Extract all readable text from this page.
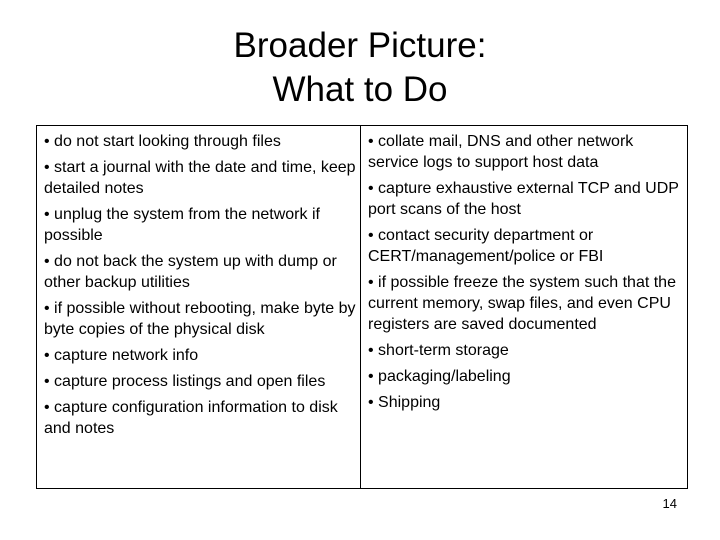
Broader Picture:
What to Do
• do not start looking through files
• start a journal with the date and time, keep detailed notes
• unplug the system from the network if possible
• do not back the system up with dump or other backup utilities
• if possible without rebooting, make byte by byte copies of the physical disk
• capture network info
• capture process listings and open files
• capture configuration information to disk and notes
• collate mail, DNS and other network service logs to support host data
• capture exhaustive external TCP and UDP port scans of the host
• contact security department or CERT/management/police or FBI
• if possible freeze the system such that the current memory, swap files, and even CPU registers are saved documented
• short-term storage
• packaging/labeling
• Shipping
14
